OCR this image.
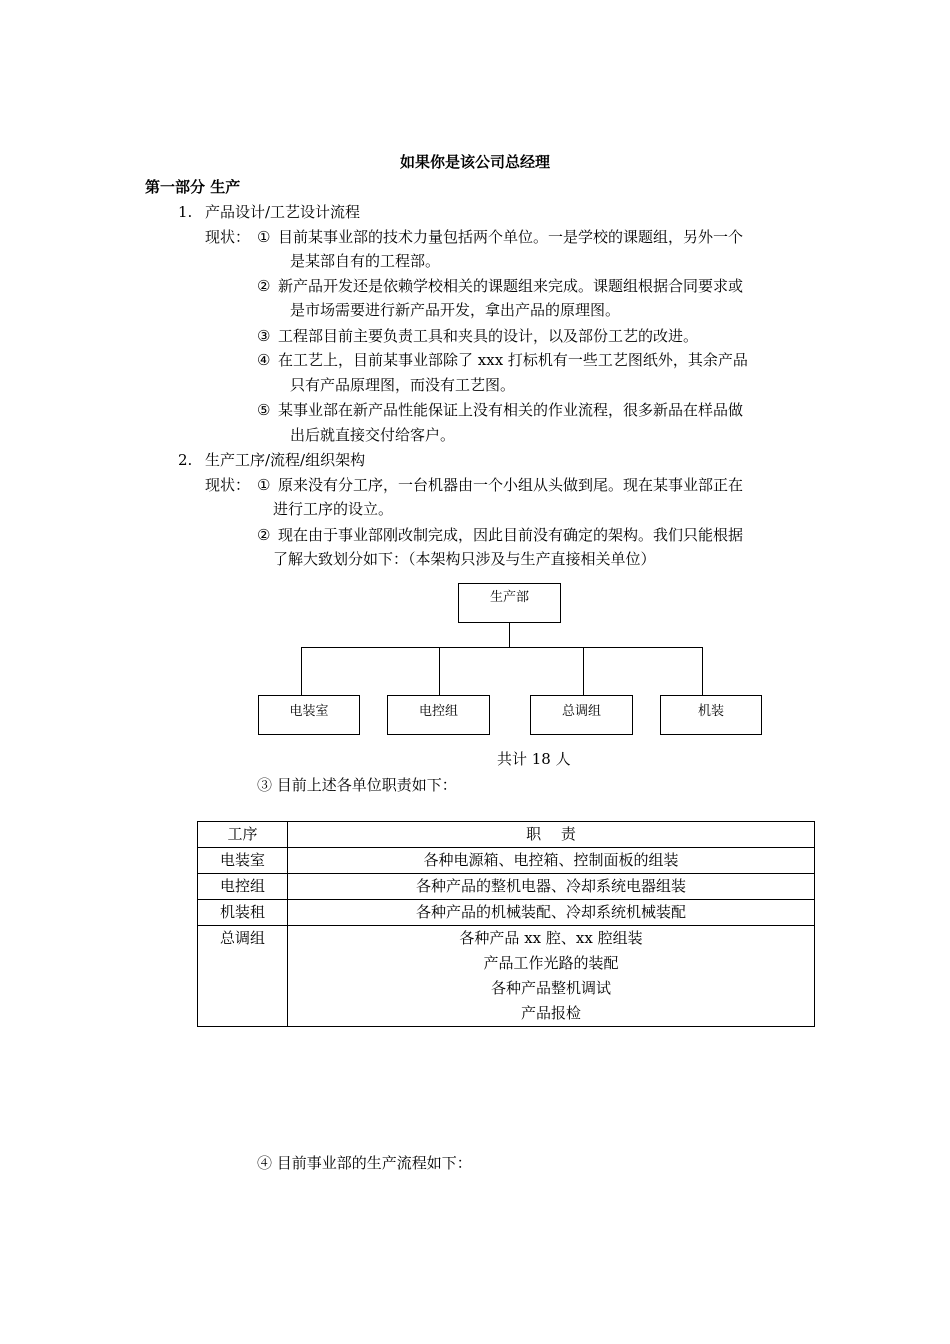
如果你是该公司总经理
第一部分 生产
1. 产品设计/工艺设计流程
现状： ① 目前某事业部的技术力量包括两个单位。一是学校的课题组，另外一个
是某部自有的工程部。
② 新产品开发还是依赖学校相关的课题组来完成。课题组根据合同要求或
是市场需要进行新产品开发，拿出产品的原理图。
③ 工程部目前主要负责工具和夹具的设计，以及部份工艺的改进。
④ 在工艺上，目前某事业部除了 xxx 打标机有一些工艺图纸外，其余产品
只有产品原理图，而没有工艺图。
⑤ 某事业部在新产品性能保证上没有相关的作业流程，很多新品在样品做
出后就直接交付给客户。
2. 生产工序/流程/组织架构
现状： ① 原来没有分工序，一台机器由一个小组从头做到尾。现在某事业部正在
进行工序的设立。
② 现在由于事业部刚改制完成，因此目前没有确定的架构。我们只能根据
了解大致划分如下：（本架构只涉及与生产直接相关单位）
生产部
电装室	电控组	总调组	机装
共计 18 人
③ 目前上述各单位职责如下：
工序	职　 责
电装室	各种电源箱、电控箱、控制面板的组装
电控组	各种产品的整机电器、冷却系统电器组装
机装租	各种产品的机械装配、冷却系统机械装配
总调组	各种产品 xx 腔、xx 腔组装
产品工作光路的装配
各种产品整机调试
产品报检
④ 目前事业部的生产流程如下：
